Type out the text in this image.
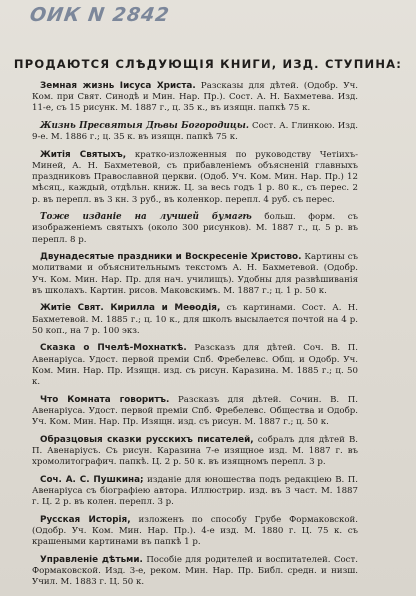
ОИК N 2842
ПРОДАЮТСЯ СЛѢДУЮЩІЯ КНИГИ, ИЗД. СТУПИНА:

Земная жизнь Іисуса Христа. Разсказы для дѣтей. (Одобр. Уч. Ком. при Свят. Синодѣ и Мин. Нар. Пр.). Сост. А. Н. Бахметева. Изд. 11-е, съ 15 рисунк. М. 1887 г., ц. 35 к., въ изящн. папкѣ 75 к.

Жизнь Пресвятыя Дѣвы Богородицы. Сост. А. Глинкою. Изд. 9-е. М. 1886 г.; ц. 35 к. въ изящн. папкѣ 75 к.

Житія Святыхъ, кратко-изложенныя по руководству Четіихъ-Миней, А. Н. Бахметевой, съ прибавленіемъ объясненій главныхъ праздниковъ Православной церкви. (Одоб. Уч. Ком. Мин. Нар. Пр.) 12 мѣсяц., каждый, отдѣльн. книж. Ц. за весь годъ 1 р. 80 к., съ перес. 2 р. въ перепл. въ 3 кн. 3 руб., въ коленкор. перепл. 4 руб. съ перес.

Тоже изданіе на лучшей бумагѣ больш. форм. съ изображеніемъ святыхъ (около 300 рисунков). М. 1887 г., ц. 5 р. въ перепл. 8 р.

Двунадесятые праздники и Воскресеніе Христово. Картины съ молитвами и объяснительнымъ текстомъ А. Н. Бахметевой. (Одобр. Уч. Ком. Мин. Нар. Пр. для нач. училищъ). Удобны для развѣшиванія въ школахъ. Картин. рисов. Маковскимъ. М. 1887 г.; ц. 1 р. 50 к.

Житіе Свят. Кирилла и Меѳодія, съ картинами. Сост. А. Н. Бахметевой. М. 1885 г.; ц. 10 к., для школъ высылается почтой на 4 р. 50 коп., на 7 р. 100 экз.

Сказка о Пчелѣ-Мохнаткѣ. Разсказъ для дѣтей. Соч. В. П. Авенаріуса. Удост. первой преміи Спб. Фребелевс. Общ. и Одобр. Уч. Ком. Мин. Нар. Пр. Изящн. изд. съ рисун. Каразина. М. 1885 г.; ц. 50 к.

Что Комната говоритъ. Разсказъ для дѣтей. Сочин. В. П. Авенаріуса. Удост. первой преміи Спб. Фребелевс. Общества и Одобр. Уч. Ком. Мин. Нар. Пр. Изящн. изд. съ рисун. М. 1887 г.; ц. 50 к.

Образцовыя сказки русскихъ писателей, собралъ для дѣтей В. П. Авенаріусъ. Съ рисун. Каразина 7-е изящное изд. М. 1887 г. въ хромолитографич. папкѣ. Ц. 2 р. 50 к. въ изящномъ перепл. 3 р.

Соч. А. С. Пушкина; изданіе для юношества подъ редакціею В. П. Авенаріуса съ біографіею автора. Иллюстрир. изд. въ 3 част. М. 1887 г. Ц. 2 р. въ колен. перепл. 3 р.

Русская Исторія, изложенъ по способу Грубе Формаковской. (Одобр. Уч. Ком. Мин. Нар. Пр.). 4-е изд. М. 1880 г. Ц. 75 к. съ крашеными картинами въ папкѣ 1 р.

Управленіе дѣтьми. Пособіе для родителей и воспитателей. Сост. Формаковской. Изд. 3-е, реком. Мин. Нар. Пр. Библ. средн. и низш. Учил. М. 1883 г. Ц. 50 к.
